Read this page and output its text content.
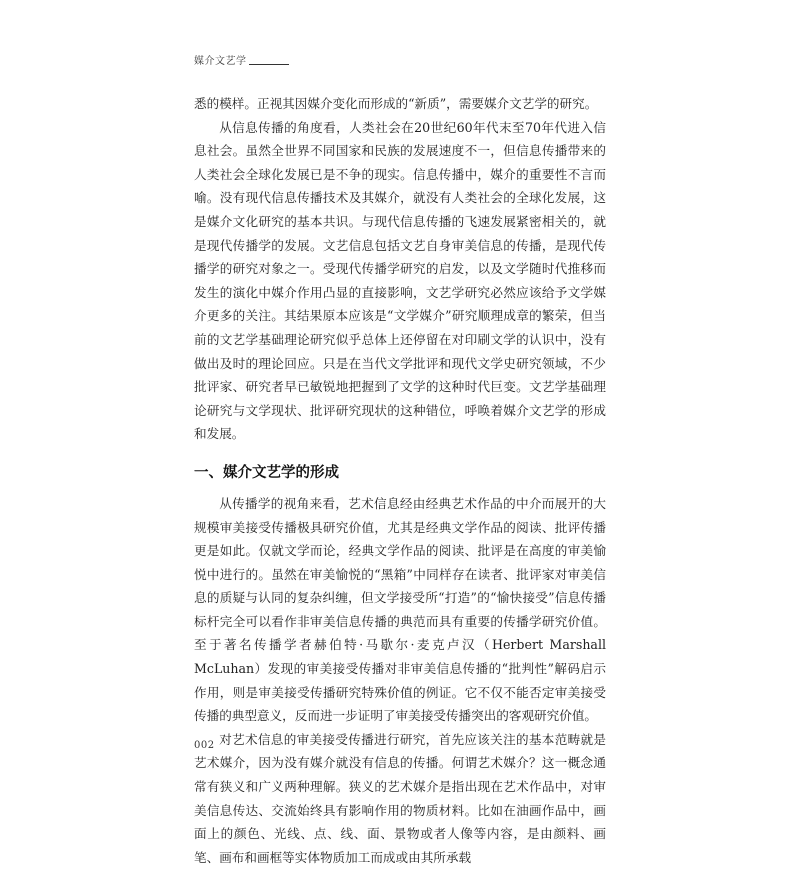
媒介文艺学

悉的模样。正视其因媒介变化而形成的“新质”，需要媒介文艺学的研究。

从信息传播的角度看，人类社会在20世纪60年代末至70年代进入信息社会。虽然全世界不同国家和民族的发展速度不一，但信息传播带来的人类社会全球化发展已是不争的现实。信息传播中，媒介的重要性不言而喻。没有现代信息传播技术及其媒介，就没有人类社会的全球化发展，这是媒介文化研究的基本共识。与现代信息传播的飞速发展紧密相关的，就是现代传播学的发展。文艺信息包括文艺自身审美信息的传播，是现代传播学的研究对象之一。受现代传播学研究的启发，以及文学随时代推移而发生的演化中媒介作用凸显的直接影响，文艺学研究必然应该给予文学媒介更多的关注。其结果原本应该是“文学媒介”研究顺理成章的繁荣，但当前的文艺学基础理论研究似乎总体上还停留在对印刷文学的认识中，没有做出及时的理论回应。只是在当代文学批评和现代文学史研究领域，不少批评家、研究者早已敏锐地把握到了文学的这种时代巨变。文艺学基础理论研究与文学现状、批评研究现状的这种错位，呼唤着媒介文艺学的形成和发展。

一、媒介文艺学的形成

从传播学的视角来看，艺术信息经由经典艺术作品的中介而展开的大规模审美接受传播极具研究价值，尤其是经典文学作品的阅读、批评传播更是如此。仅就文学而论，经典文学作品的阅读、批评是在高度的审美愉悦中进行的。虽然在审美愉悦的“黑箱”中同样存在读者、批评家对审美信息的质疑与认同的复杂纠缠，但文学接受所“打造”的“愉快接受”信息传播标杆完全可以看作非审美信息传播的典范而具有重要的传播学研究价值。至于著名传播学者赫伯特·马歇尔·麦克卢汉（Herbert Marshall McLuhan）发现的审美接受传播对非审美信息传播的“批判性”解码启示作用，则是审美接受传播研究特殊价值的例证。它不仅不能否定审美接受传播的典型意义，反而进一步证明了审美接受传播突出的客观研究价值。

对艺术信息的审美接受传播进行研究，首先应该关注的基本范畴就是艺术媒介，因为没有媒介就没有信息的传播。何谓艺术媒介？这一概念通常有狭义和广义两种理解。狭义的艺术媒介是指出现在艺术作品中，对审美信息传达、交流始终具有影响作用的物质材料。比如在油画作品中，画面上的颜色、光线、点、线、面、景物或者人像等内容，是由颜料、画笔、画布和画框等实体物质加工而成或由其所承载

002
